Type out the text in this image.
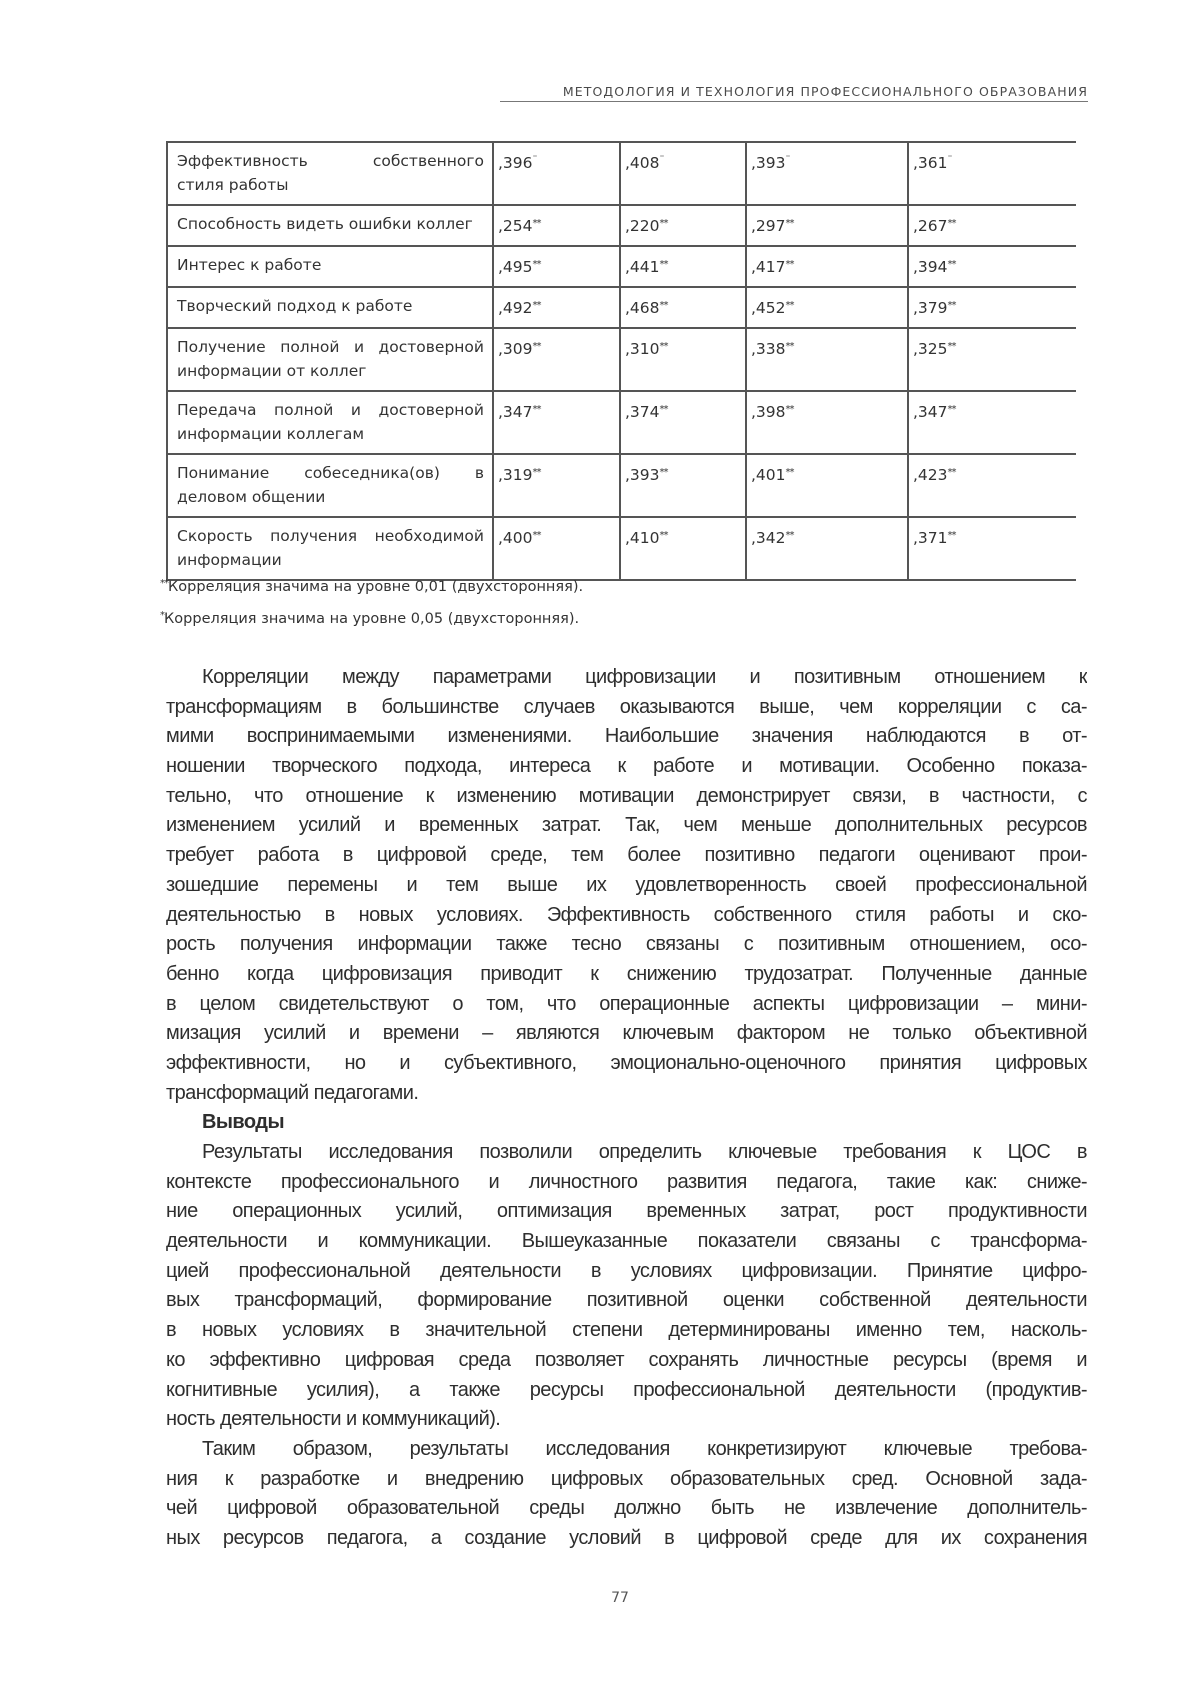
МЕТОДОЛОГИЯ И ТЕХНОЛОГИЯ ПРОФЕССИОНАЛЬНОГО ОБРАЗОВАНИЯ
Эффективность собственного
стиля работы	,396¨	,408¨	,393¨	,361¨

Способность видеть ошибки коллег	,254**	,220**	,297**	,267**

Интерес к работе	,495**	,441**	,417**	,394**

Творческий подход к работе	,492**	,468**	,452**	,379**

Получение полной и достоверной
информации от коллег	,309**	,310**	,338**	,325**

Передача полной и достоверной
информации коллегам	,347**	,374**	,398**	,347**

Понимание собеседника(ов) в
деловом общении	,319**	,393**	,401**	,423**

Скорость получения необходимой
информации	,400**	,410**	,342**	,371**
**Корреляция значима на уровне 0,01 (двухсторонняя).
*Корреляция значима на уровне 0,05 (двухсторонняя).
Корреляции между параметрами цифровизации и позитивным отношением к
трансформациям в большинстве случаев оказываются выше, чем корреляции с са-
мими воспринимаемыми изменениями. Наибольшие значения наблюдаются в от-
ношении творческого подхода, интереса к работе и мотивации. Особенно показа-
тельно, что отношение к изменению мотивации демонстрирует связи, в частности, с
изменением усилий и временных затрат. Так, чем меньше дополнительных ресурсов
требует работа в цифровой среде, тем более позитивно педагоги оценивают прои-
зошедшие перемены и тем выше их удовлетворенность своей профессиональной
деятельностью в новых условиях. Эффективность собственного стиля работы и ско-
рость получения информации также тесно связаны с позитивным отношением, осо-
бенно когда цифровизация приводит к снижению трудозатрат. Полученные данные
в целом свидетельствуют о том, что операционные аспекты цифровизации – мини-
мизация усилий и времени – являются ключевым фактором не только объективной
эффективности, но и субъективного, эмоционально-оценочного принятия цифровых
трансформаций педагогами.
Выводы
Результаты исследования позволили определить ключевые требования к ЦОС в
контексте профессионального и личностного развития педагога, такие как: сниже-
ние операционных усилий, оптимизация временных затрат, рост продуктивности
деятельности и коммуникации. Вышеуказанные показатели связаны с трансформа-
цией профессиональной деятельности в условиях цифровизации. Принятие цифро-
вых трансформаций, формирование позитивной оценки собственной деятельности
в новых условиях в значительной степени детерминированы именно тем, насколь-
ко эффективно цифровая среда позволяет сохранять личностные ресурсы (время и
когнитивные усилия), а также ресурсы профессиональной деятельности (продуктив-
ность деятельности и коммуникаций).
Таким образом, результаты исследования конкретизируют ключевые требова-
ния к разработке и внедрению цифровых образовательных сред. Основной зада-
чей цифровой образовательной среды должно быть не извлечение дополнитель-
ных ресурсов педагога, а создание условий в цифровой среде для их сохранения
77
